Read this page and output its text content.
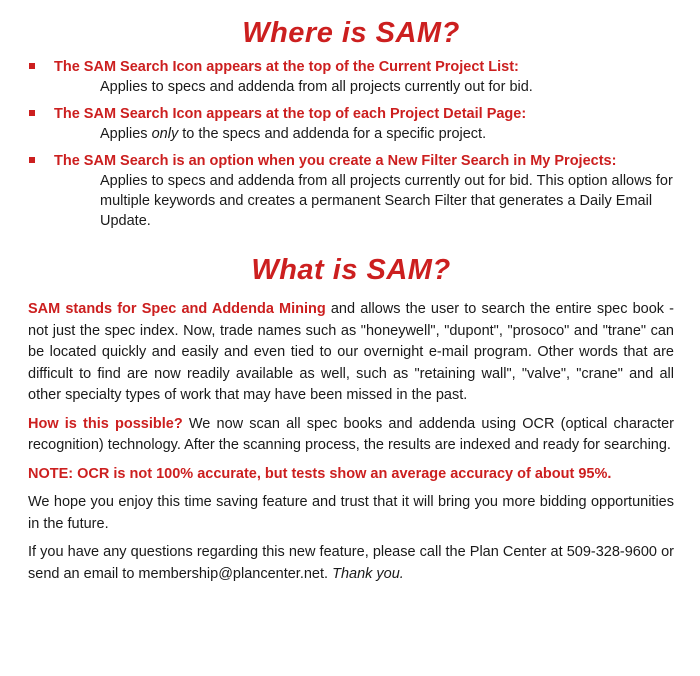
Where is SAM?
The SAM Search Icon appears at the top of the Current Project List:
Applies to specs and addenda from all projects currently out for bid.
The SAM Search Icon appears at the top of each Project Detail Page:
Applies only to the specs and addenda for a specific project.
The SAM Search is an option when you create a New Filter Search in My Projects:
Applies to specs and addenda from all projects currently out for bid. This option allows for multiple keywords and creates a permanent Search Filter that generates a Daily Email Update.
What is SAM?

SAM stands for Spec and Addenda Mining and allows the user to search the entire spec book - not just the spec index. Now, trade names such as "honeywell", "dupont", "prosoco" and "trane" can be located quickly and easily and even tied to our overnight e-mail program. Other words that are difficult to find are now readily available as well, such as "retaining wall", "valve", "crane" and all other specialty types of work that may have been missed in the past.

How is this possible? We now scan all spec books and addenda using OCR (optical character recognition) technology. After the scanning process, the results are indexed and ready for searching.

NOTE: OCR is not 100% accurate, but tests show an average accuracy of about 95%.

We hope you enjoy this time saving feature and trust that it will bring you more bidding opportunities in the future.

If you have any questions regarding this new feature, please call the Plan Center at 509-328-9600 or send an email to membership@plancenter.net. Thank you.
